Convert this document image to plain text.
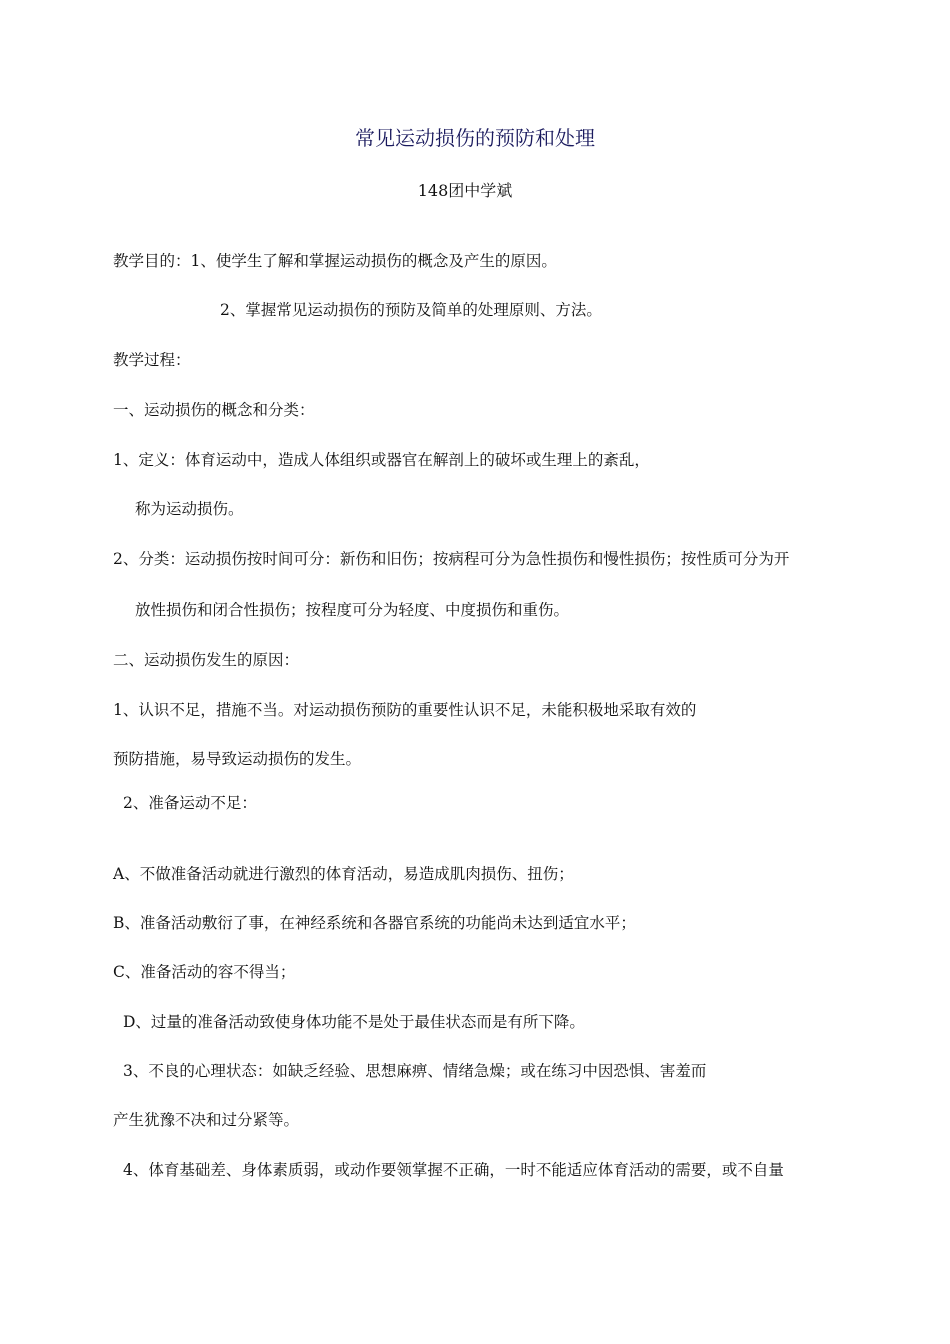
常见运动损伤的预防和处理
148团中学斌
教学目的：1、使学生了解和掌握运动损伤的概念及产生的原因。
2、掌握常见运动损伤的预防及简单的处理原则、方法。
教学过程：
一、运动损伤的概念和分类：
1、定义：体育运动中，造成人体组织或器官在解剖上的破坏或生理上的紊乱，
称为运动损伤。
2、分类：运动损伤按时间可分：新伤和旧伤；按病程可分为急性损伤和慢性损伤；按性质可分为开
放性损伤和闭合性损伤；按程度可分为轻度、中度损伤和重伤。
二、运动损伤发生的原因：
1、认识不足，措施不当。对运动损伤预防的重要性认识不足，未能积极地采取有效的
预防措施，易导致运动损伤的发生。
2、准备运动不足：
A、不做准备活动就进行激烈的体育活动，易造成肌肉损伤、扭伤；
B、准备活动敷衍了事，在神经系统和各器官系统的功能尚未达到适宜水平；
C、准备活动的容不得当；
D、过量的准备活动致使身体功能不是处于最佳状态而是有所下降。
3、不良的心理状态：如缺乏经验、思想麻痹、情绪急燥；或在练习中因恐惧、害羞而
产生犹豫不决和过分紧等。
4、体育基础差、身体素质弱，或动作要领掌握不正确，一时不能适应体育活动的需要，或不自量
